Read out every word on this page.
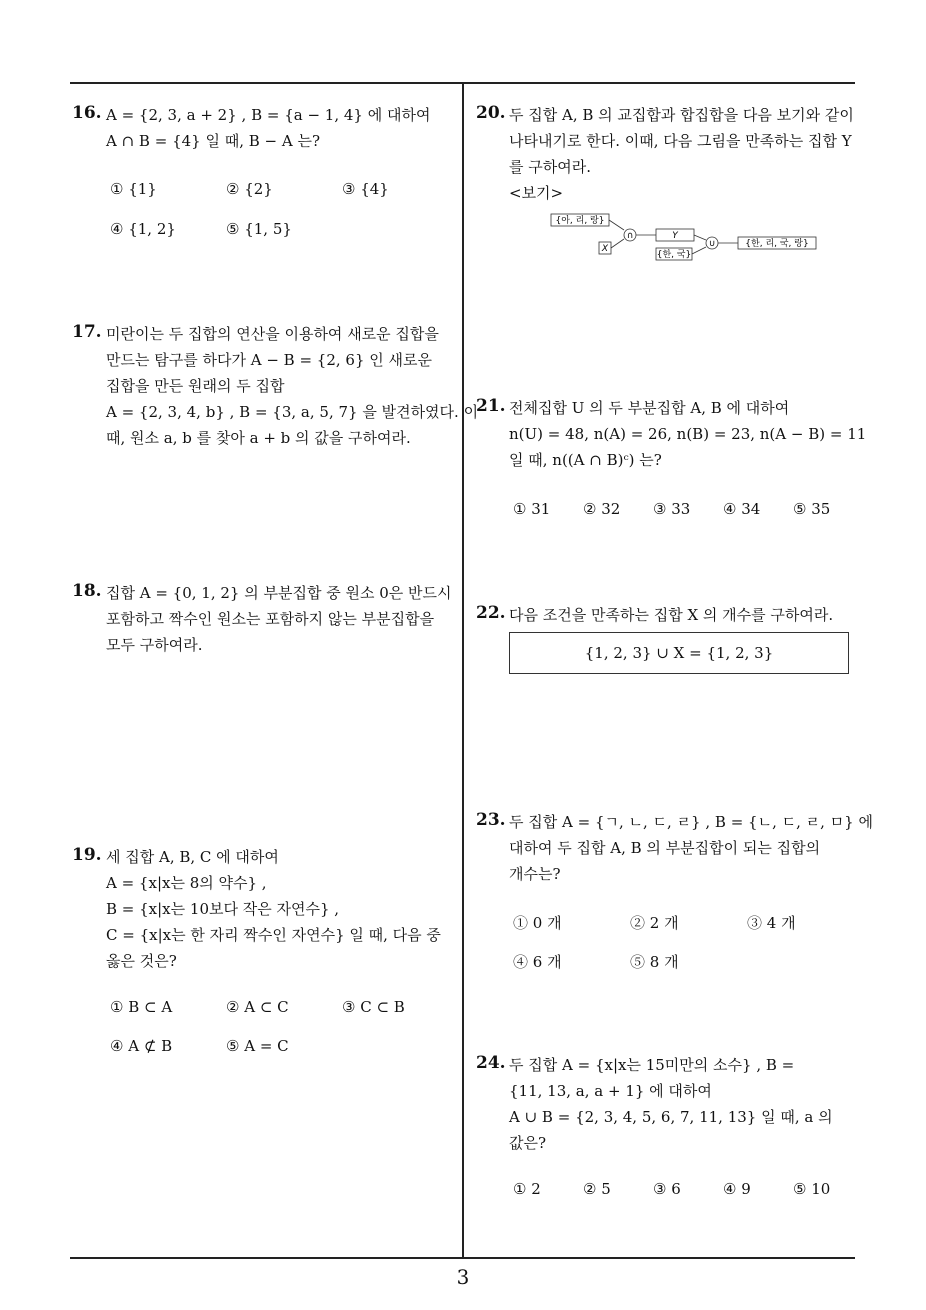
16. A = {2, 3, a + 2} , B = {a − 1, 4} 에 대하여
A ∩ B = {4} 일 때, B − A 는?
① {1}	② {2}	③ {4}
④ {1, 2}	⑤ {1, 5}
17. 미란이는 두 집합의 연산을 이용하여 새로운 집합을
만드는 탐구를 하다가 A − B = {2, 6} 인 새로운
집합을 만든 원래의 두 집합
A = {2, 3, 4, b} , B = {3, a, 5, 7} 을 발견하였다. 이
때, 원소 a, b 를 찾아 a + b 의 값을 구하여라.
18. 집합 A = {0, 1, 2} 의 부분집합 중 원소 0은 반드시
포함하고 짝수인 원소는 포함하지 않는 부분집합을
모두 구하여라.
19. 세 집합 A, B, C 에 대하여
A = {x|x는 8의 약수} ,
B = {x|x는 10보다 작은 자연수} ,
C = {x|x는 한 자리 짝수인 자연수} 일 때, 다음 중
옳은 것은?
① B ⊂ A	② A ⊂ C	③ C ⊂ B
④ A ⊄ B	⑤ A = C
20. 두 집합 A, B 의 교집합과 합집합을 다음 보기와 같이
나타내기로 한다. 이때, 다음 그림을 만족하는 집합 Y
를 구하여라.
<보기>
{아, 리, 랑}
X
∩	Y
{한, 국}
∪	{한, 리, 국, 랑}
21. 전체집합 U 의 두 부분집합 A, B 에 대하여
n(U) = 48, n(A) = 26, n(B) = 23, n(A − B) = 11
일 때, n((A ∩ B)ᶜ) 는?
① 31 ② 32 ③ 33 ④ 34 ⑤ 35
22. 다음 조건을 만족하는 집합 X 의 개수를 구하여라.
{1, 2, 3} ∪ X = {1, 2, 3}
23. 두 집합 A = {ㄱ, ㄴ, ㄷ, ㄹ} , B = {ㄴ, ㄷ, ㄹ, ㅁ} 에
대하여 두 집합 A, B 의 부분집합이 되는 집합의
개수는?
① 0 개	② 2 개	③ 4 개
④ 6 개	⑤ 8 개
24. 두 집합 A = {x|x는 15미만의 소수} , B =
{11, 13, a, a + 1} 에 대하여
A ∪ B = {2, 3, 4, 5, 6, 7, 11, 13} 일 때, a 의
값은?
① 2	② 5	③ 6	④ 9	⑤ 10
3
